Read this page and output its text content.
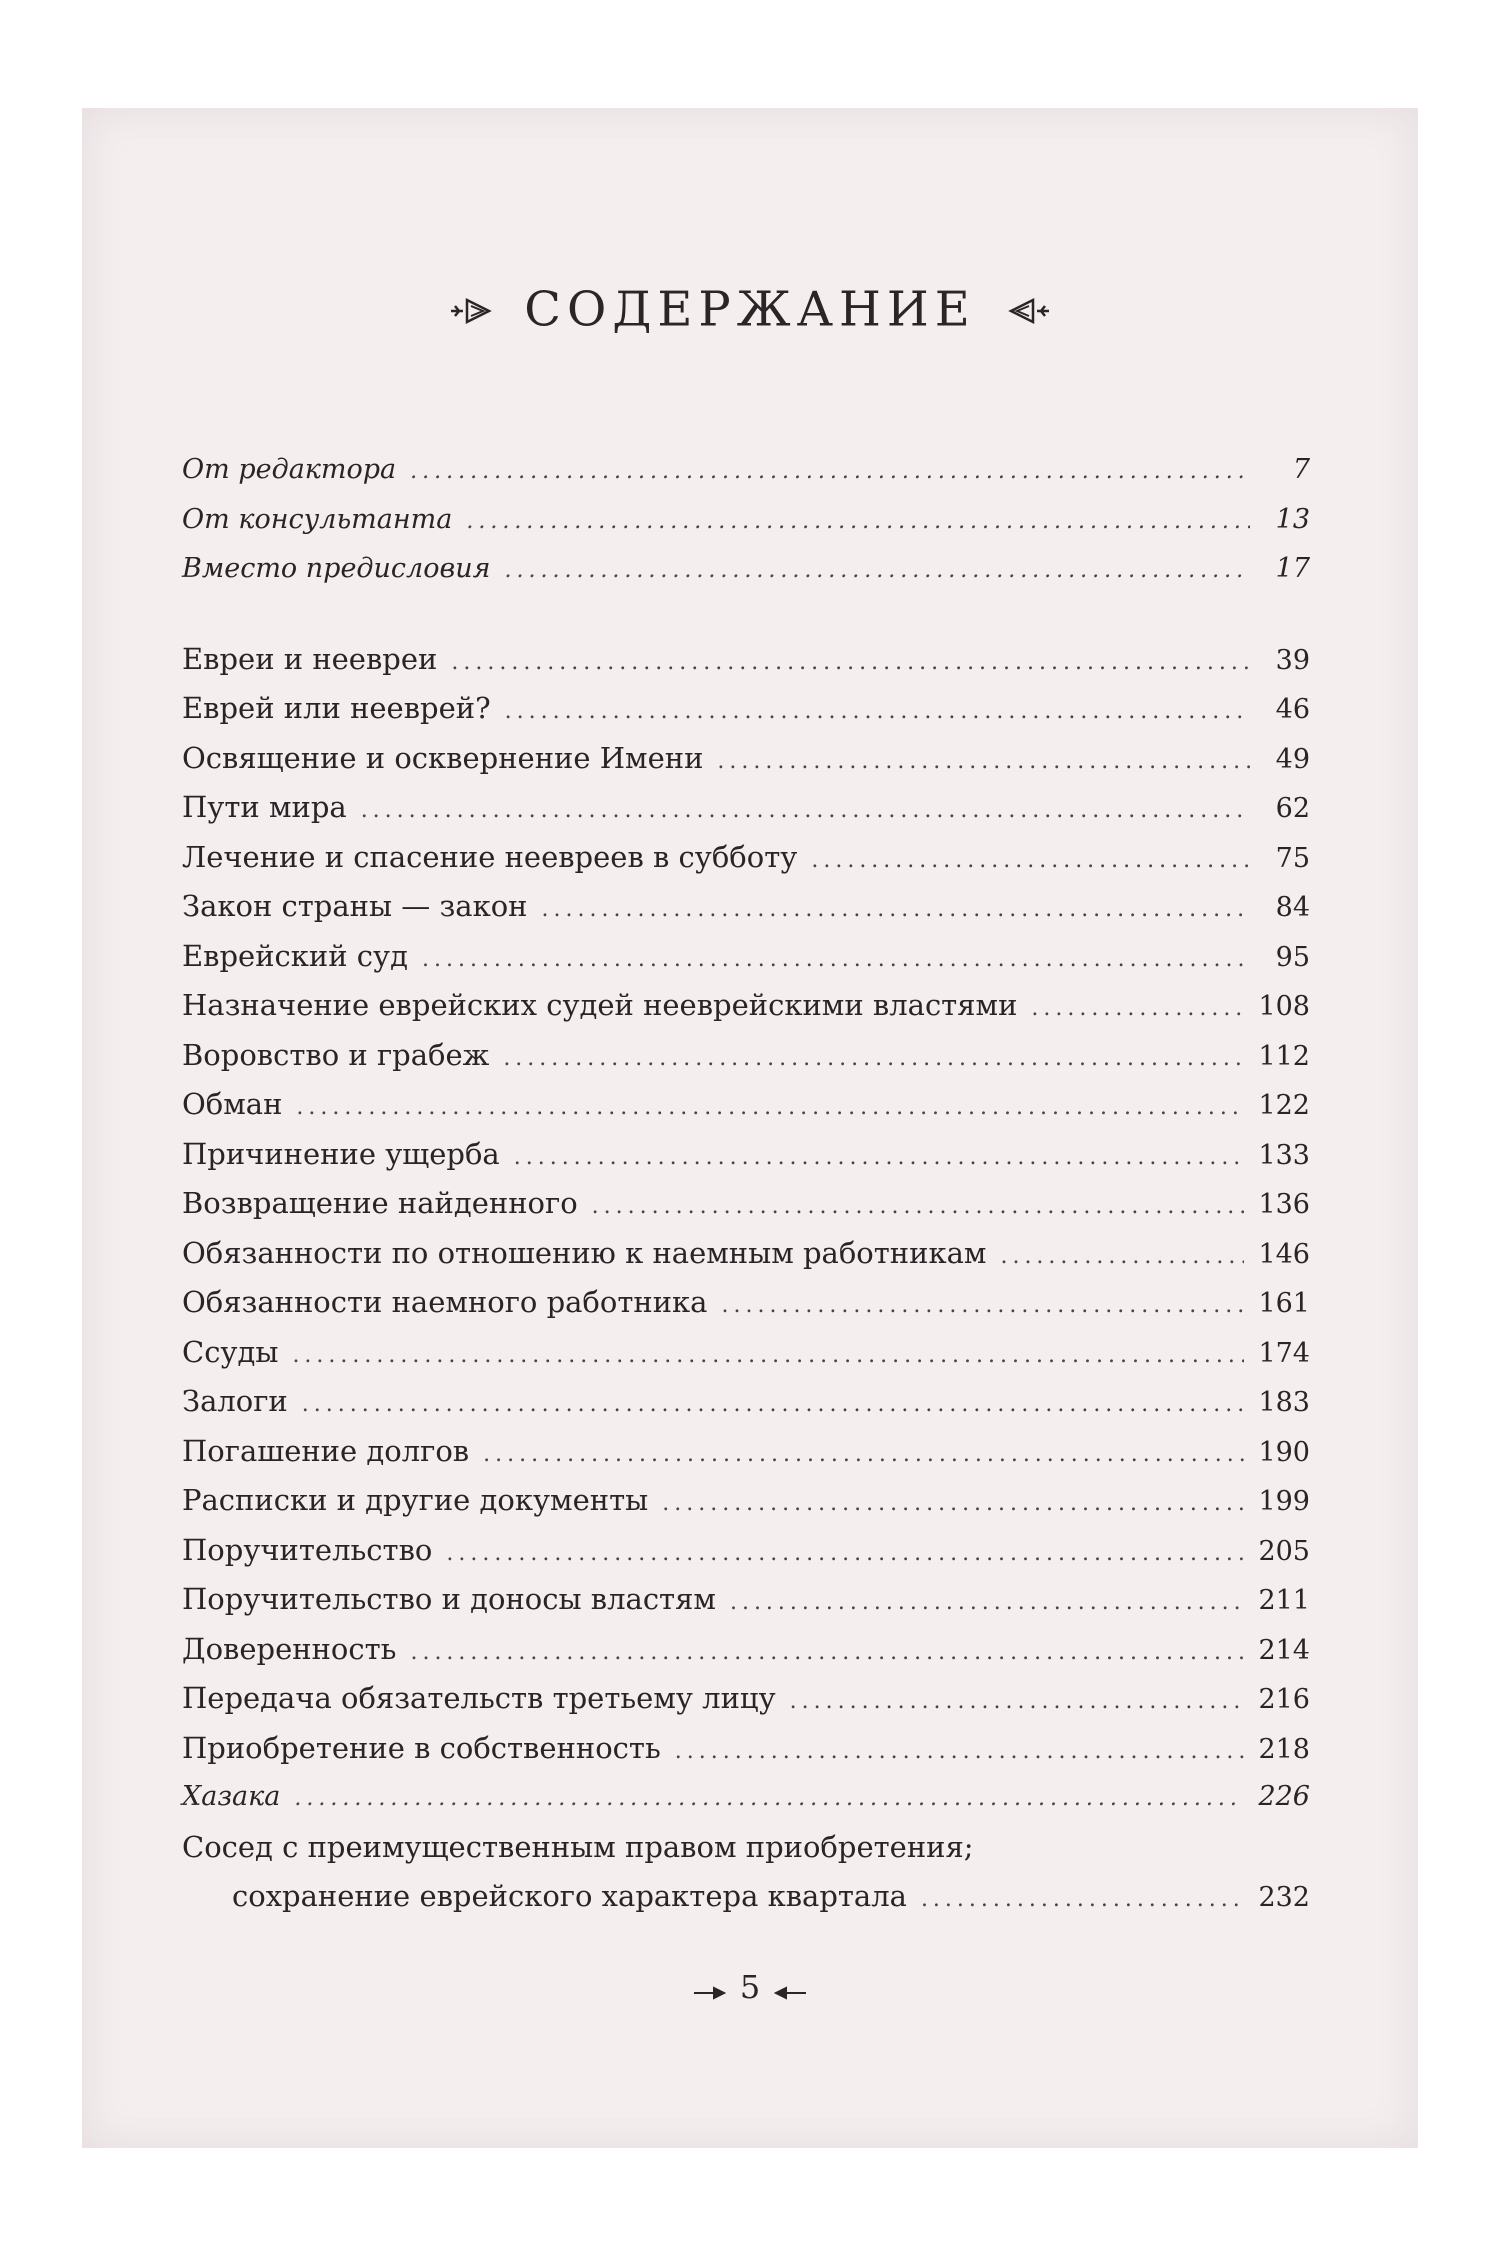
СОДЕРЖАНИЕ
От редактора .....	7
От консультанта .....	13
Вместо предисловия .....	17
Евреи и неевреи .....	39
Еврей или нееврей? .....	46
Освящение и осквернение Имени .....	49
Пути мира .....	62
Лечение и спасение неевреев в субботу .....	75
Закон страны — закон .....	84
Еврейский суд .....	95
Назначение еврейских судей нееврейскими властями .....	108
Воровство и грабеж .....	112
Обман .....	122
Причинение ущерба .....	133
Возвращение найденного .....	136
Обязанности по отношению к наемным работникам .....	146
Обязанности наемного работника .....	161
Ссуды .....	174
Залоги .....	183
Погашение долгов .....	190
Расписки и другие документы .....	199
Поручительство .....	205
Поручительство и доносы властям .....	211
Доверенность .....	214
Передача обязательств третьему лицу .....	216
Приобретение в собственность .....	218
Хазака .....	226
Сосед с преимущественным правом приобретения;
сохранение еврейского характера квартала .....	232
5
